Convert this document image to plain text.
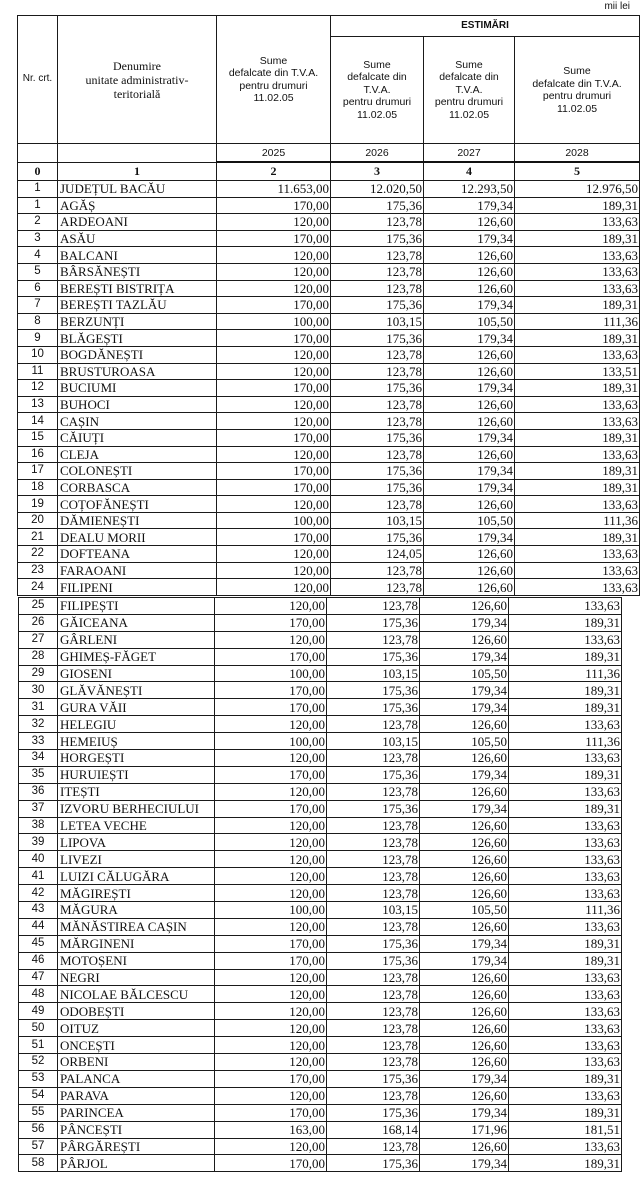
mii lei
Nr. crt.	Denumire
unitate administrativ-
teritorială	Sume
defalcate din T.V.A.
pentru drumuri
11.02.05	ESTIMĂRI		
			Sume
defalcate din
T.V.A.
pentru drumuri
11.02.05	Sume
defalcate din
T.V.A.
pentru drumuri
11.02.05	Sume
defalcate din T.V.A.
pentru drumuri
11.02.05
		2025	2026	2027	2028
0	1	2	3	4	5
1	JUDEȚUL BACĂU	11.653,00	12.020,50	12.293,50	12.976,50
1	AGĂȘ	170,00	175,36	179,34	189,31
2	ARDEOANI	120,00	123,78	126,60	133,63
3	ASĂU	170,00	175,36	179,34	189,31
4	BALCANI	120,00	123,78	126,60	133,63
5	BÂRSĂNEȘTI	120,00	123,78	126,60	133,63
6	BEREȘTI BISTRIȚA	120,00	123,78	126,60	133,63
7	BEREȘTI TAZLĂU	170,00	175,36	179,34	189,31
8	BERZUNȚI	100,00	103,15	105,50	111,36
9	BLĂGEȘTI	170,00	175,36	179,34	189,31
10	BOGDĂNEȘTI	120,00	123,78	126,60	133,63
11	BRUSTUROASA	120,00	123,78	126,60	133,51
12	BUCIUMI	170,00	175,36	179,34	189,31
13	BUHOCI	120,00	123,78	126,60	133,63
14	CAȘIN	120,00	123,78	126,60	133,63
15	CĂIUȚI	170,00	175,36	179,34	189,31
16	CLEJA	120,00	123,78	126,60	133,63
17	COLONEȘTI	170,00	175,36	179,34	189,31
18	CORBASCA	170,00	175,36	179,34	189,31
19	COȚOFĂNEȘTI	120,00	123,78	126,60	133,63
20	DĂMIENEȘTI	100,00	103,15	105,50	111,36
21	DEALU MORII	170,00	175,36	179,34	189,31
22	DOFTEANA	120,00	124,05	126,60	133,63
23	FARAOANI	120,00	123,78	126,60	133,63
24	FILIPENI	120,00	123,78	126,60	133,63
25	FILIPEȘTI	120,00	123,78	126,60	133,63
26	GĂICEANA	170,00	175,36	179,34	189,31
27	GÂRLENI	120,00	123,78	126,60	133,63
28	GHIMEȘ-FĂGET	170,00	175,36	179,34	189,31
29	GIOSENI	100,00	103,15	105,50	111,36
30	GLĂVĂNEȘTI	170,00	175,36	179,34	189,31
31	GURA VĂII	170,00	175,36	179,34	189,31
32	HELEGIU	120,00	123,78	126,60	133,63
33	HEMEIUȘ	100,00	103,15	105,50	111,36
34	HORGEȘTI	120,00	123,78	126,60	133,63
35	HURUIEȘTI	170,00	175,36	179,34	189,31
36	ITEȘTI	120,00	123,78	126,60	133,63
37	IZVORU BERHECIULUI	170,00	175,36	179,34	189,31
38	LETEA VECHE	120,00	123,78	126,60	133,63
39	LIPOVA	120,00	123,78	126,60	133,63
40	LIVEZI	120,00	123,78	126,60	133,63
41	LUIZI CĂLUGĂRA	120,00	123,78	126,60	133,63
42	MĂGIREȘTI	120,00	123,78	126,60	133,63
43	MĂGURA	100,00	103,15	105,50	111,36
44	MĂNĂSTIREA CAȘIN	120,00	123,78	126,60	133,63
45	MĂRGINENI	170,00	175,36	179,34	189,31
46	MOTOȘENI	170,00	175,36	179,34	189,31
47	NEGRI	120,00	123,78	126,60	133,63
48	NICOLAE BĂLCESCU	120,00	123,78	126,60	133,63
49	ODOBEȘTI	120,00	123,78	126,60	133,63
50	OITUZ	120,00	123,78	126,60	133,63
51	ONCEȘTI	120,00	123,78	126,60	133,63
52	ORBENI	120,00	123,78	126,60	133,63
53	PALANCA	170,00	175,36	179,34	189,31
54	PARAVA	120,00	123,78	126,60	133,63
55	PARINCEA	170,00	175,36	179,34	189,31
56	PÂNCEȘTI	163,00	168,14	171,96	181,51
57	PÂRGĂREȘTI	120,00	123,78	126,60	133,63
58	PÂRJOL	170,00	175,36	179,34	189,31
